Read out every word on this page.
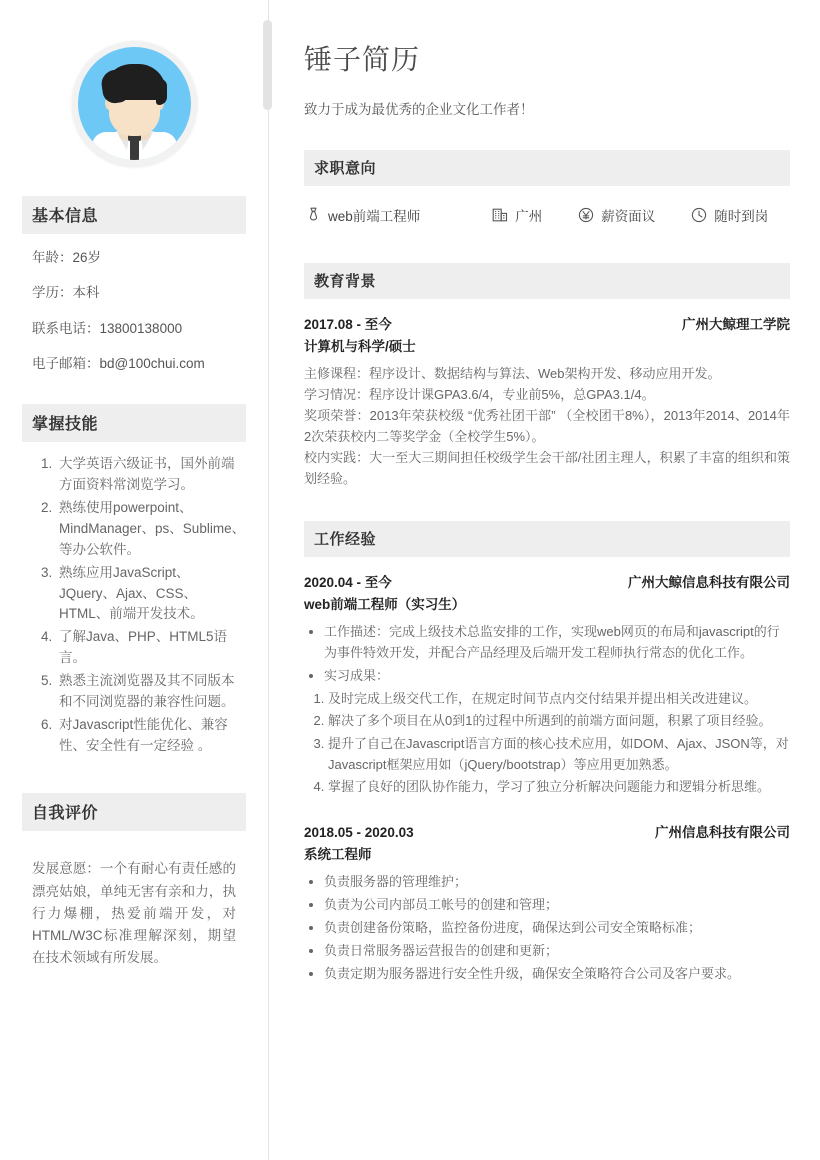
基本信息
年龄：26岁
学历：本科
联系电话：13800138000
电子邮箱：bd@100chui.com
掌握技能
1. 大学英语六级证书，国外前端方面资料常浏览学习。
2. 熟练使用powerpoint、MindManager、ps、Sublime、等办公软件。
3. 熟练应用JavaScript、JQuery、Ajax、CSS、HTML、前端开发技术。
4. 了解Java、PHP、HTML5语言。
5. 熟悉主流浏览器及其不同版本和不同浏览器的兼容性问题。
6. 对Javascript性能优化、兼容性、安全性有一定经验 。
自我评价

发展意愿：一个有耐心有责任感的漂亮姑娘，单纯无害有亲和力，执行力爆棚，热爱前端开发，对HTML/W3C标准理解深刻，期望在技术领域有所发展。

锤子简历

致力于成为最优秀的企业文化工作者！

求职意向
web前端工程师	广州	薪资面议	随时到岗
教育背景
2017.08 - 至今	广州大鲸理工学院
计算机与科学/硕士

主修课程：程序设计、数据结构与算法、Web架构开发、移动应用开发。

学习情况：程序设计课GPA3.6/4，专业前5%，总GPA3.1/4。

奖项荣誉：2013年荣获校级 “优秀社团干部” （全校团干8%），2013年2014、2014年2次荣获校内二等奖学金（全校学生5%）。

校内实践：大一至大三期间担任校级学生会干部/社团主理人，积累了丰富的组织和策划经验。

工作经验
2020.04 - 至今	广州大鲸信息科技有限公司
web前端工程师（实习生）
• 工作描述：完成上级技术总监安排的工作，实现web网页的布局和javascript的行为事件特效开发，并配合产品经理及后端开发工程师执行常态的优化工作。
• 实习成果：
1. 及时完成上级交代工作，在规定时间节点内交付结果并提出相关改进建议。
2. 解决了多个项目在从0到1的过程中所遇到的前端方面问题，积累了项目经验。
3. 提升了自己在Javascript语言方面的核心技术应用，如DOM、Ajax、JSON等，对Javascript框架应用如（jQuery/bootstrap）等应用更加熟悉。
4. 掌握了良好的团队协作能力，学习了独立分析解决问题能力和逻辑分析思维。
2018.05 - 2020.03	广州信息科技有限公司
系统工程师
• 负责服务器的管理维护；
• 负责为公司内部员工帐号的创建和管理；
• 负责创建备份策略，监控备份进度，确保达到公司安全策略标准；
• 负责日常服务器运营报告的创建和更新；
• 负责定期为服务器进行安全性升级，确保安全策略符合公司及客户要求。
